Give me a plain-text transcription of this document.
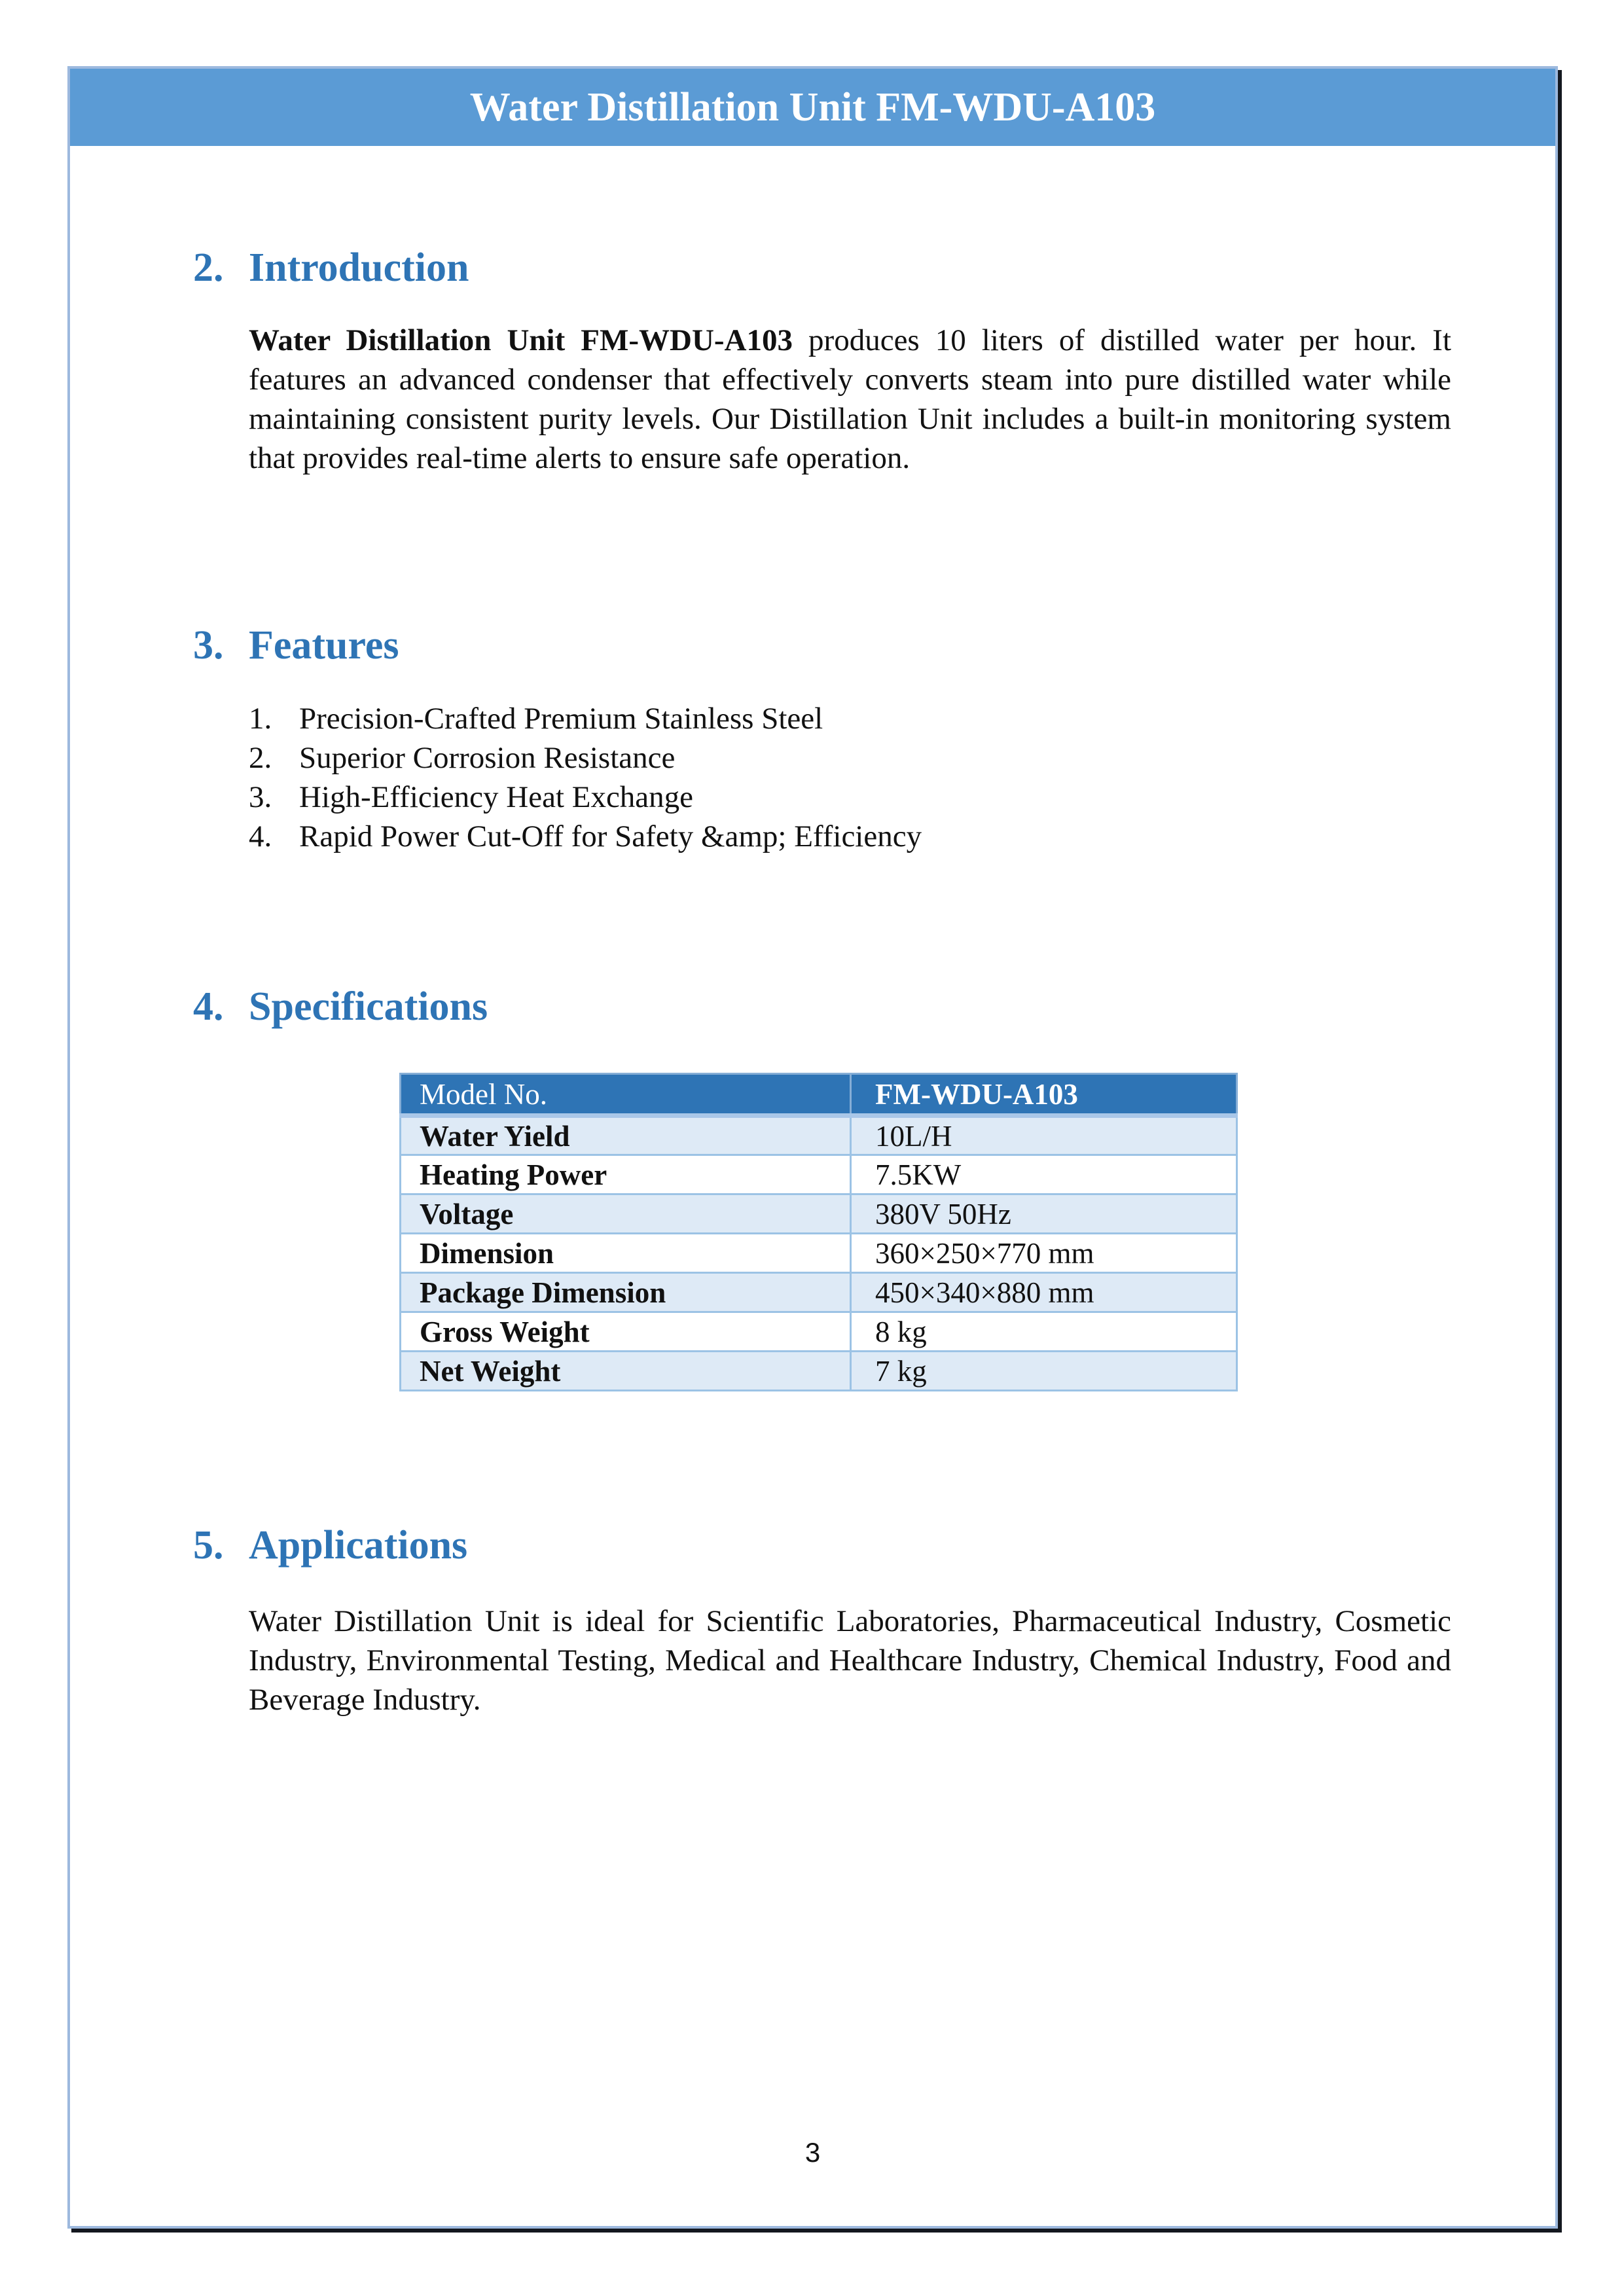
Water Distillation Unit FM-WDU-A103
2. Introduction

Water Distillation Unit FM-WDU-A103 produces 10 liters of distilled water per hour. It features an advanced condenser that effectively converts steam into pure distilled water while maintaining consistent purity levels. Our Distillation Unit includes a built-in monitoring system that provides real-time alerts to ensure safe operation.

3. Features
1. Precision-Crafted Premium Stainless Steel
2. Superior Corrosion Resistance
3. High-Efficiency Heat Exchange
4. Rapid Power Cut-Off for Safety &amp; Efficiency
4. Specifications
Model No.	FM-WDU-A103
Water Yield	10L/H
Heating Power	7.5KW
Voltage	380V 50Hz
Dimension	360×250×770 mm
Package Dimension	450×340×880 mm
Gross Weight	8 kg
Net Weight	7 kg
5. Applications

Water Distillation Unit is ideal for Scientific Laboratories, Pharmaceutical Industry, Cosmetic Industry, Environmental Testing, Medical and Healthcare Industry, Chemical Industry, Food and Beverage Industry.

3
